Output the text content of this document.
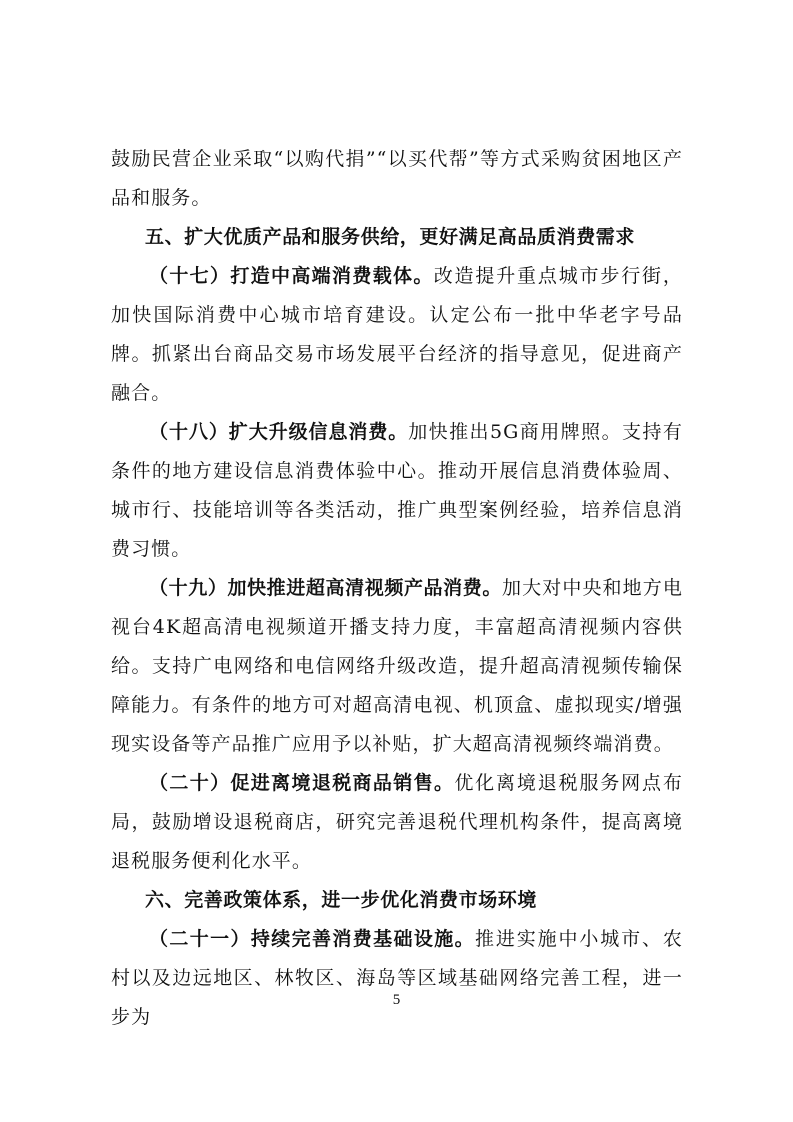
鼓励民营企业采取“以购代捐”“以买代帮”等方式采购贫困地区产品和服务。

五、扩大优质产品和服务供给，更好满足高品质消费需求

（十七）打造中高端消费载体。改造提升重点城市步行街，加快国际消费中心城市培育建设。认定公布一批中华老字号品牌。抓紧出台商品交易市场发展平台经济的指导意见，促进商产融合。

（十八）扩大升级信息消费。加快推出5G商用牌照。支持有条件的地方建设信息消费体验中心。推动开展信息消费体验周、城市行、技能培训等各类活动，推广典型案例经验，培养信息消费习惯。

（十九）加快推进超高清视频产品消费。加大对中央和地方电视台4K超高清电视频道开播支持力度，丰富超高清视频内容供给。支持广电网络和电信网络升级改造，提升超高清视频传输保障能力。有条件的地方可对超高清电视、机顶盒、虚拟现实/增强现实设备等产品推广应用予以补贴，扩大超高清视频终端消费。

（二十）促进离境退税商品销售。优化离境退税服务网点布局，鼓励增设退税商店，研究完善退税代理机构条件，提高离境退税服务便利化水平。

六、完善政策体系，进一步优化消费市场环境

（二十一）持续完善消费基础设施。推进实施中小城市、农村以及边远地区、林牧区、海岛等区域基础网络完善工程，进一步为

5
